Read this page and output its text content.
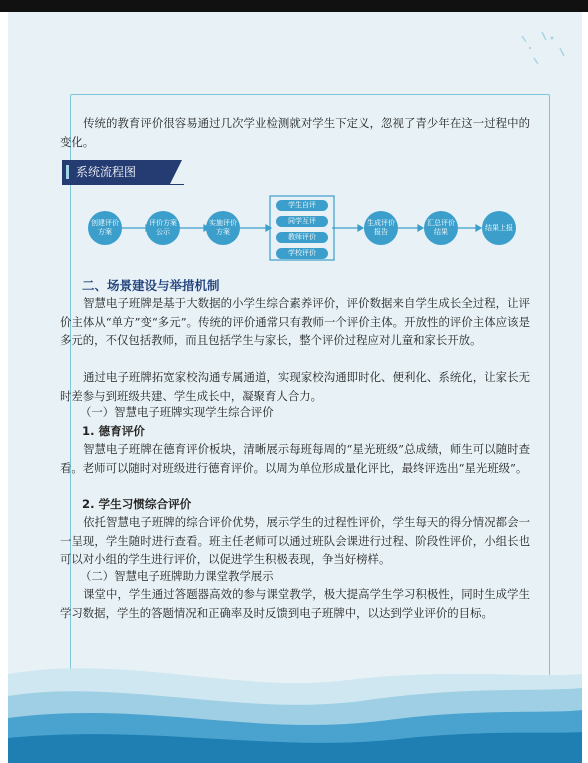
传统的教育评价很容易通过几次学业检测就对学生下定义，忽视了青少年在这一过程中的变化。
系统流程图
创建评价方案
评价方案公示
实施评价方案
学生自评
同学互评
教师评价
学校评价
生成评价报告
汇总评价结果
结果上报
二、场景建设与举措机制
智慧电子班牌是基于大数据的小学生综合素养评价，评价数据来自学生成长全过程，让评价主体从“单方”变“多元”。传统的评价通常只有教师一个评价主体。开放性的评价主体应该是多元的，不仅包括教师，而且包括学生与家长，整个评价过程应对儿童和家长开放。
通过电子班牌拓宽家校沟通专属通道，实现家校沟通即时化、便利化、系统化，让家长无时差参与到班级共建、学生成长中，凝聚育人合力。
（一）智慧电子班牌实现学生综合评价
1. 德育评价
智慧电子班牌在德育评价板块，清晰展示每班每周的“星光班级”总成绩，师生可以随时查看。老师可以随时对班级进行德育评价。以周为单位形成量化评比，最终评选出“星光班级”。
2. 学生习惯综合评价
依托智慧电子班牌的综合评价优势，展示学生的过程性评价，学生每天的得分情况都会一一呈现，学生随时进行查看。班主任老师可以通过班队会课进行过程、阶段性评价，小组长也可以对小组的学生进行评价，以促进学生积极表现，争当好榜样。
（二）智慧电子班牌助力课堂教学展示
课堂中，学生通过答题器高效的参与课堂教学，极大提高学生学习积极性，同时生成学生学习数据，学生的答题情况和正确率及时反馈到电子班牌中，以达到学业评价的目标。
